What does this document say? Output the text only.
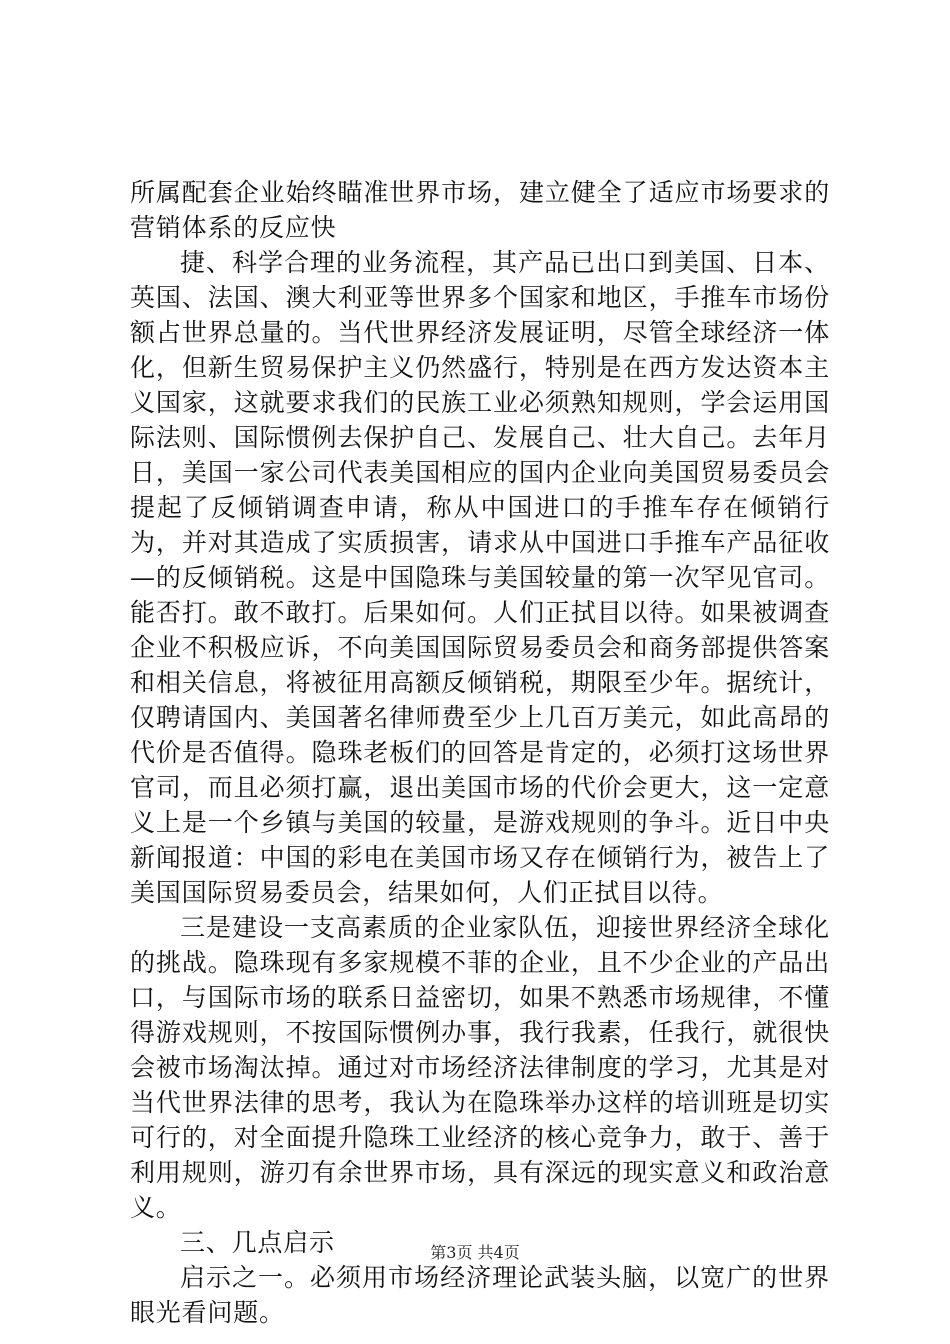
所属配套企业始终瞄准世界市场，建立健全了适应市场要求的营销体系的反应快

捷、科学合理的业务流程，其产品已出口到美国、日本、英国、法国、澳大利亚等世界多个国家和地区，手推车市场份额占世界总量的。当代世界经济发展证明，尽管全球经济一体化，但新生贸易保护主义仍然盛行，特别是在西方发达资本主义国家，这就要求我们的民族工业必须熟知规则，学会运用国际法则、国际惯例去保护自己、发展自己、壮大自己。去年月日，美国一家公司代表美国相应的国内企业向美国贸易委员会提起了反倾销调查申请，称从中国进口的手推车存在倾销行为，并对其造成了实质损害，请求从中国进口手推车产品征收—的反倾销税。这是中国隐珠与美国较量的第一次罕见官司。能否打。敢不敢打。后果如何。人们正拭目以待。如果被调查企业不积极应诉，不向美国国际贸易委员会和商务部提供答案和相关信息，将被征用高额反倾销税，期限至少年。据统计，仅聘请国内、美国著名律师费至少上几百万美元，如此高昂的代价是否值得。隐珠老板们的回答是肯定的，必须打这场世界官司，而且必须打赢，退出美国市场的代价会更大，这一定意义上是一个乡镇与美国的较量，是游戏规则的争斗。近日中央新闻报道：中国的彩电在美国市场又存在倾销行为，被告上了美国国际贸易委员会，结果如何，人们正拭目以待。

三是建设一支高素质的企业家队伍，迎接世界经济全球化的挑战。隐珠现有多家规模不菲的企业，且不少企业的产品出口，与国际市场的联系日益密切，如果不熟悉市场规律，不懂得游戏规则，不按国际惯例办事，我行我素，任我行，就很快会被市场淘汰掉。通过对市场经济法律制度的学习，尤其是对当代世界法律的思考，我认为在隐珠举办这样的培训班是切实可行的，对全面提升隐珠工业经济的核心竞争力，敢于、善于利用规则，游刃有余世界市场，具有深远的现实意义和政治意义。

三、几点启示

启示之一。必须用市场经济理论武装头脑，以宽广的世界眼光看问题。

第3页 共4页
